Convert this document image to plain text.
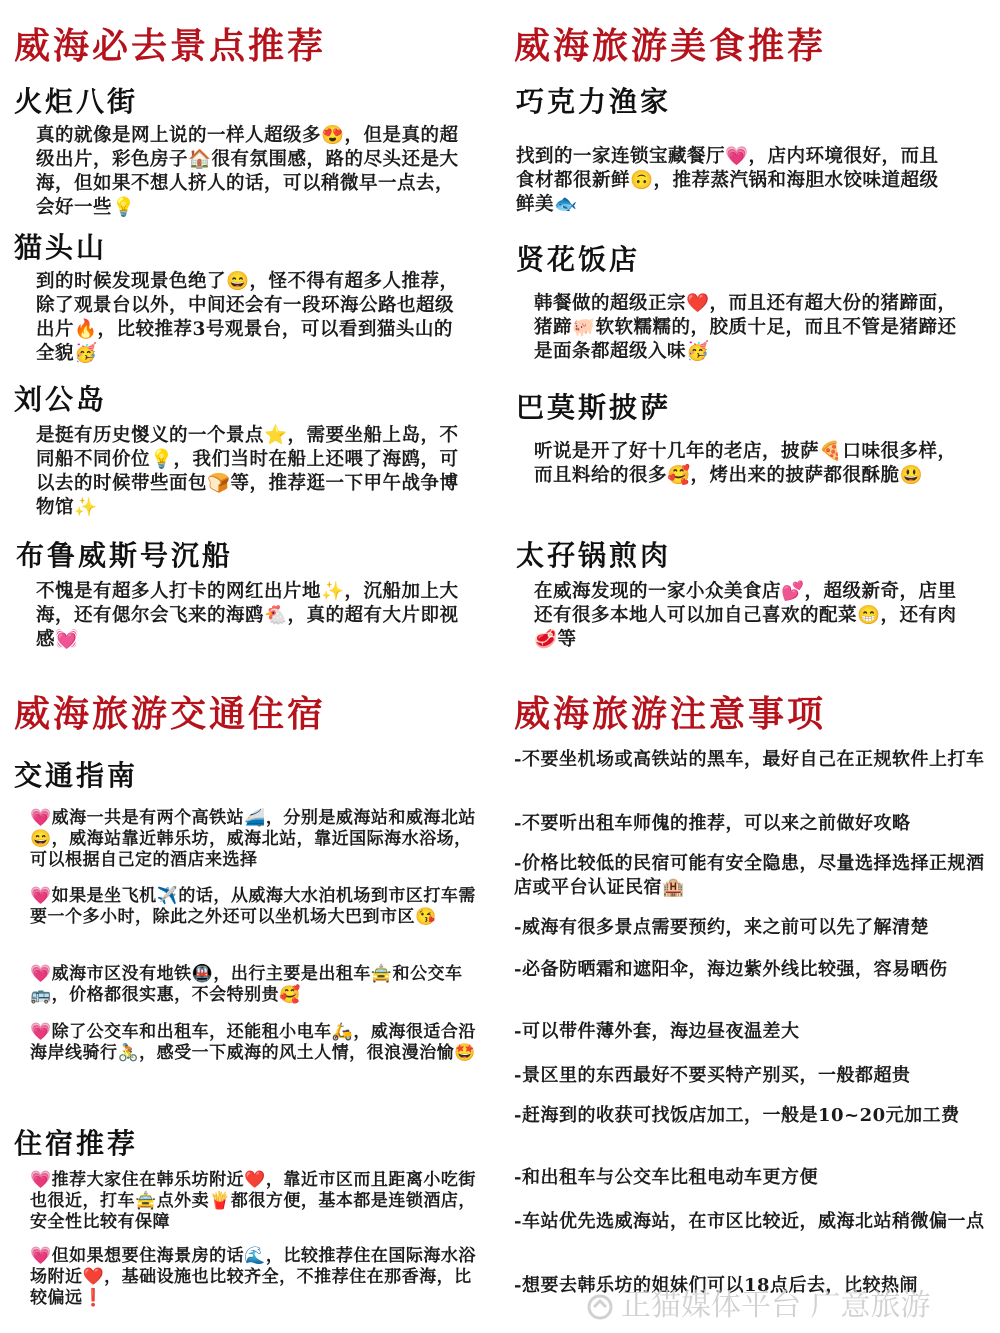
威海必去景点推荐
火炬八街
真的就像是网上说的一样人超级多😍，但是真的超级出片，彩色房子🏠很有氛围感，路的尽头还是大海，但如果不想人挤人的话，可以稍微早一点去，会好一些💡
猫头山
到的时候发现景色绝了😄，怪不得有超多人推荐，除了观景台以外，中间还会有一段环海公路也超级出片🔥，比较推荐3号观景台，可以看到猫头山的全貌🥳
刘公岛
是挺有历史惾义的一个景点⭐，需要坐船上岛，不同船不同价位💡，我们当时在船上还喂了海鸥，可以去的时候带些面包🍞等，推荐逛一下甲午战争博物馆✨
布鲁威斯号沉船
不愧是有超多人打卡的网红出片地✨，沉船加上大海，还有偲尔会飞来的海鸥🐔，真的超有大片即视感💓
威海旅游美食推荐
巧克力渔家
找到的一家连锁宝藏餐厅💗，店内环境很好，而且食材都很新鲜🙃，推荐蒸汽锅和海胆水饺味道超级鲜美🐟
贤花饭店
韩餐做的超级正宗❤️，而且还有超大份的猪蹄面，猪蹄🐖软软糯糯的，胶质十足，而且不管是猪蹄还是面条都超级入味🥳
巴莫斯披萨
听说是开了好十几年的老店，披萨🍕口味很多样，而且料给的很多🥰，烤出来的披萨都很酥脆😃
太孖锅煎肉
在威海发现的一家小众美食店💕，超级新奇，店里还有很多本地人可以加自己喜欢的配菜😁，还有肉🥩等
威海旅游交通住宿
交通指南
💗威海一共是有两个高铁站🚄，分别是威海站和威海北站😄，威海站靠近韩乐坊，威海北站，靠近国际海水浴场，可以根据自己定的酒店来选择
💗如果是坐飞机✈️的话，从威海大水泊机场到市区打车需要一个多小时，除此之外还可以坐机场大巴到市区😘
💗威海市区没有地铁🚇，出行主要是出租车🚖和公交车🚌，价格都很实惠，不会特别贵🥰
💗除了公交车和出租车，还能租小电车🛵，威海很适合沿海岸线骑行🚴，感受一下威海的风土人情，很浪漫治愉🤩
住宿推荐
💗推荐大家住在韩乐坊附近❤️，靠近市区而且距离小吃街也很近，打车🚖点外卖🍟都很方便，基本都是连锁酒店，安全性比较有保障
💗但如果想要住海景房的话🌊，比较推荐住在国际海水浴场附近❤️，基础设施也比较齐全，不推荐住在那香海，比较偏远❗
威海旅游注意事项
-不要坐机场或高铁站的黑车，最好自己在正规软件上打车
-不要听出租车师傀的推荐，可以来之前做好攻略
-价格比较低的民宿可能有安全隐患，尽量选择选择正规酒店或平台认证民宿🏨
-威海有很多景点需要预约，来之前可以先了解清楚
-必备防晒霜和遮阳伞，海边紫外线比较强，容易晒伤
-可以带件薄外套，海边昼夜温差大
-景区里的东西最好不要买特产别买，一般都超贵
-赶海到的收获可找饭店加工，一般是10~20元加工费
-和出租车与公交车比租电动车更方便
-车站优先选威海站，在市区比较近，威海北站稍微偏一点
-想要去韩乐坊的姐妹们可以18点后去，比较热闹
正猫媒体平台 广意旅游
